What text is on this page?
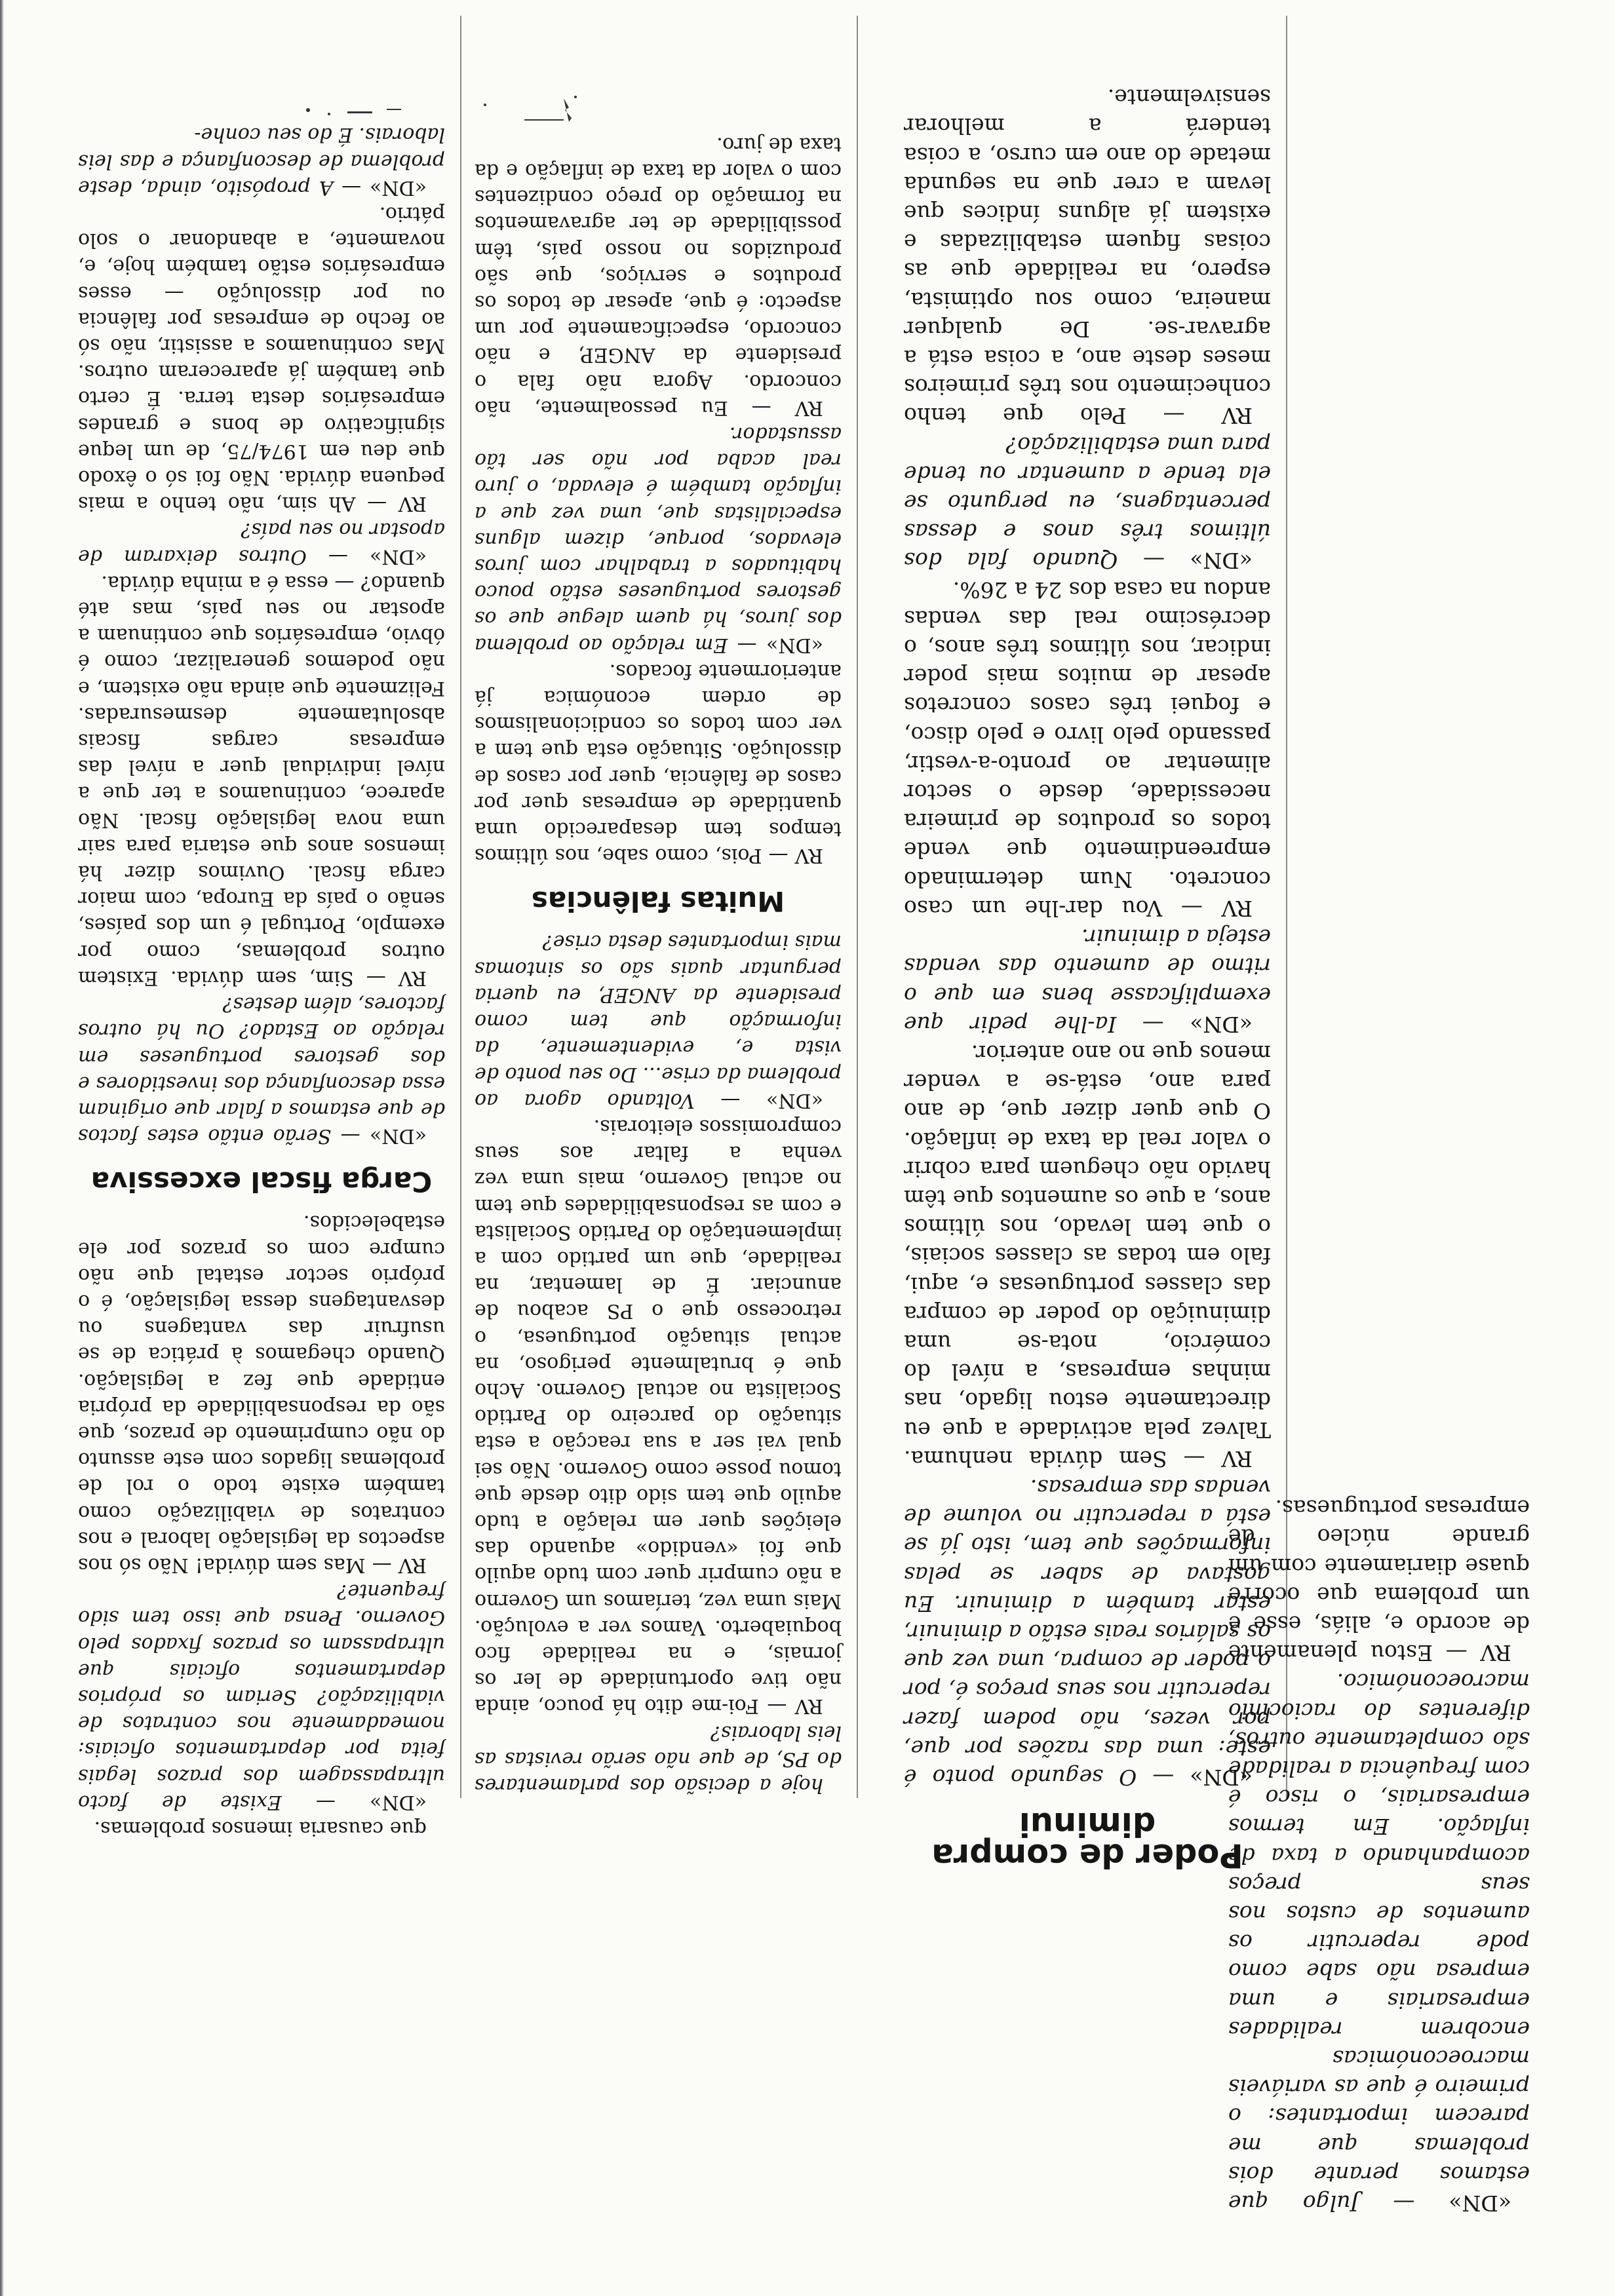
que causaria imensos problemas.

«DN» — Existe de facto ultrapassagem dos prazos legais feita por departamentos oficiais: nomeadamente nos contratos de viabilização? Seriam os próprios departamentos oficiais que ultrapassam os prazos fixados pelo Governo. Pensa que isso tem sido frequente?

RV — Mas sem dúvida! Não só nos aspectos da legislação laboral e nos contratos de viabilização como também existe todo o rol de problemas ligados com este assunto do não cumprimento de prazos, que são da responsabilidade da própria entidade que fez a legislação. Quando chegamos à prática de se usufruir das vantagens ou desvantagens dessa legislação, é o próprio sector estatal que não cumpre com os prazos por ele estabelecidos.

Carga fiscal excessiva

«DN» — Serão então estes factos de que estamos a falar que originam essa desconfiança dos investidores e dos gestores portugueses em relação ao Estado? Ou há outros factores, além destes?

RV — Sim, sem dúvida. Existem outros problemas, como por exemplo, Portugal é um dos países, senão o país da Europa, com maior carga fiscal. Ouvimos dizer há imensos anos que estaria para sair uma nova legislação fiscal. Não aparece, continuamos a ter que a nível individual quer a nível das empresas cargas fiscais absolutamente desmesuradas. Felizmente que ainda não existem, e não podemos generalizar, como é óbvio, empresários que continuam a apostar no seu país, mas até quando? — essa é a minha dúvida.

«DN» — Outros deixaram de apostar no seu país?

RV — Ah sim, não tenho a mais pequena dúvida. Não foi só o êxodo que deu em 1974/75, de um leque significativo de bons e grandes empresários desta terra. É certo que também já apareceram outros. Mas continuamos a assistir, não só ao fecho de empresas por falência ou por dissolução — esses empresários estão também hoje, e, novamente, a abandonar o solo pátrio.

«DN» — A propósito, ainda, deste problema de desconfiança e das leis laborais. É do seu conhe-

hoje a decisão dos parlamentares do PS, de que não serão revistas as leis laborais?

RV — Foi-me dito há pouco, ainda não tive oportunidade de ler os jornais, e na realidade fico boquiaberto. Vamos ver a evolução. Mais uma vez, teríamos um Governo a não cumprir quer com tudo aquilo que foi «vendido» aquando das eleições quer em relação a tudo aquilo que tem sido dito desde que tomou posse como Governo. Não sei qual vai ser a sua reacção a esta situação do parceiro do Partido Socialista no actual Governo. Acho que é brutalmente perigoso, na actual situação portuguesa, o retrocesso que o PS acabou de anunciar. É de lamentar, na realidade, que um partido com a implementação do Partido Socialista e com as responsabilidades que tem no actual Governo, mais uma vez venha a faltar aos seus compromissos eleitorais.

«DN» — Voltando agora ao problema da crise... Do seu ponto de vista e, evidentemente, da informação que tem como presidente da ANGEP, eu queria perguntar quais são os sintomas mais importantes desta crise?

Muitas falências

RV — Pois, como sabe, nos últimos tempos tem desaparecido uma quantidade de empresas quer por casos de falência, quer por casos de dissolução. Situação esta que tem a ver com todos os condicionalismos de ordem económica já anteriormente focados.

«DN» — Em relação ao problema dos juros, há quem alegue que os gestores portugueses estão pouco habituados a trabalhar com juros elevados, porque, dizem alguns especialistas que, uma vez que a inflação também é elevada, o juro real acaba por não ser tão assustador.

RV — Eu pessoalmente, não concordo. Agora não fala o presidente da ANGEP, e não concordo, especificamente por um aspecto: é que, apesar de todos os produtos e serviços, que são produzidos no nosso país, têm possibilidade de ter agravamentos na formação do preço condizentes com o valor da taxa de inflação e da taxa de juro.

Poder de compra diminui

«DN» — O segundo ponto é este: uma das razões por que, por vezes, não podem fazer repercutir nos seus preços é, por o poder de compra, uma vez que os salários reais estão a diminuir, estar também a diminuir. Eu gostava de saber se pelas informações que tem, isto já se está a repercutir no volume de vendas das empresas.

RV — Sem dúvida nenhuma. Talvez pela actividade a que eu directamente estou ligado, nas minhas empresas, a nível do comércio, nota-se uma diminuição do poder de compra das classes portuguesas e, aqui, falo em todas as classes sociais, o que tem levado, nos últimos anos, a que os aumentos que têm havido não cheguem para cobrir o valor real da taxa de inflação. O que quer dizer que, de ano para ano, está-se a vender menos que no ano anterior.

«DN» — Ia-lhe pedir que exemplificasse bens em que o ritmo de aumento das vendas esteja a diminuir.

RV — Vou dar-lhe um caso concreto. Num determinado empreendimento que vende todos os produtos de primeira necessidade, desde o sector alimentar ao pronto-a-vestir, passando pelo livro e pelo disco, e foquei três casos concretos apesar de muitos mais poder indicar, nos últimos três anos, o decréscimo real das vendas andou na casa dos 24 a 26%.

«DN» — Quando fala dos últimos três anos e dessas percentagens, eu pergunto se ela tende a aumentar ou tende para uma estabilização?

RV — Pelo que tenho conhecimento nos três primeiros meses deste ano, a coisa está a agravar-se. De qualquer maneira, como sou optimista, espero, na realidade que as coisas fiquem estabilizadas e existem já alguns índices que levam a crer que na segunda metade do ano em curso, a coisa tenderá a melhorar sensivelmente.

«DN» — Julgo que estamos perante dois problemas que me parecem importantes: o primeiro é que as variáveis macroeconómicas encobrem realidades empresariais e uma empresa não sabe como pode repercutir os aumentos de custos nos seus preços acompanhando a taxa de inflação. Em termos empresariais, o risco é com frequência a realidade são completamente outros, diferentes do raciocínio macroeconómico.

RV — Estou plenamente de acordo e, aliás, esse é um problema que ocorre quase diariamente com um grande núcleo de empresas portuguesas.
